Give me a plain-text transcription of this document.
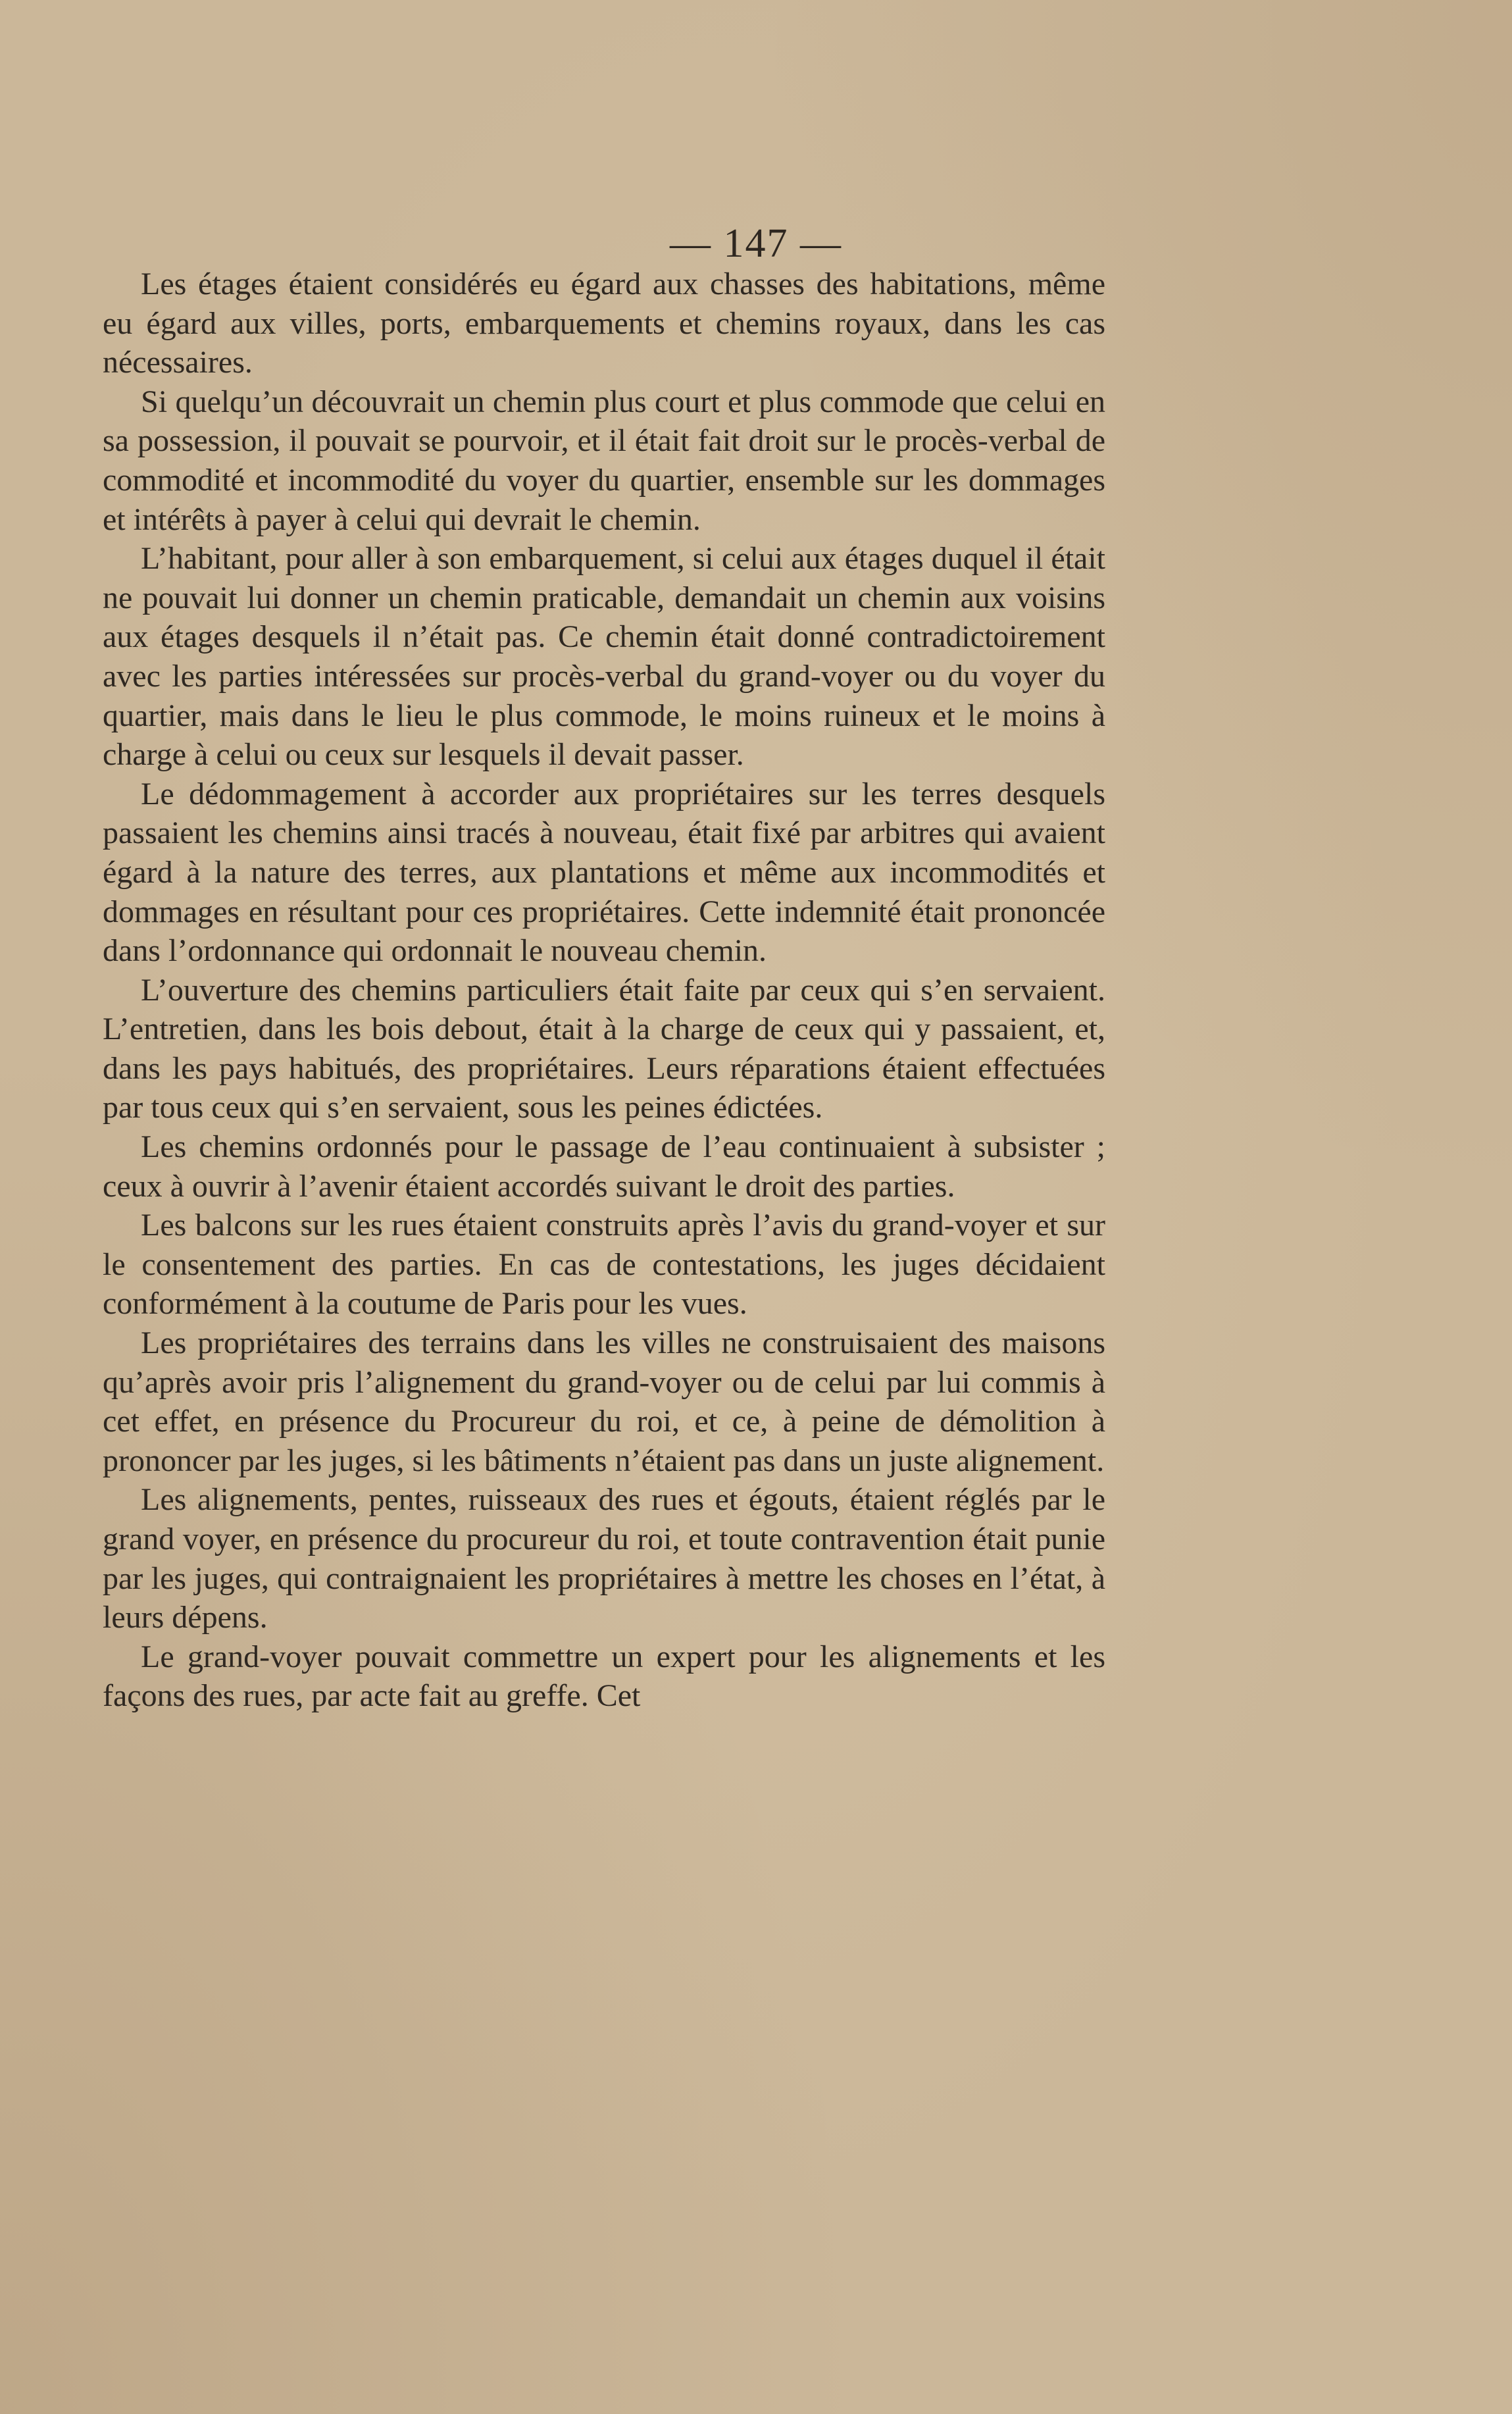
— 147 —

Les étages étaient considérés eu égard aux chasses des habitations, même eu égard aux villes, ports, embarquements et chemins royaux, dans les cas nécessaires.

Si quelqu’un découvrait un chemin plus court et plus commode que celui en sa possession, il pouvait se pourvoir, et il était fait droit sur le procès-verbal de commodité et incommodité du voyer du quartier, ensemble sur les dommages et intérêts à payer à celui qui devrait le chemin.

L’habitant, pour aller à son embarquement, si celui aux étages duquel il était ne pouvait lui donner un chemin praticable, demandait un chemin aux voisins aux étages desquels il n’était pas. Ce chemin était donné contradictoirement avec les parties intéressées sur procès-verbal du grand-voyer ou du voyer du quartier, mais dans le lieu le plus commode, le moins ruineux et le moins à charge à celui ou ceux sur lesquels il devait passer.

Le dédommagement à accorder aux propriétaires sur les terres desquels passaient les chemins ainsi tracés à nouveau, était fixé par arbitres qui avaient égard à la nature des terres, aux plantations et même aux incommodités et dommages en résultant pour ces propriétaires. Cette indemnité était prononcée dans l’ordonnance qui ordonnait le nouveau chemin.

L’ouverture des chemins particuliers était faite par ceux qui s’en servaient. L’entretien, dans les bois debout, était à la charge de ceux qui y passaient, et, dans les pays habitués, des propriétaires. Leurs réparations étaient effectuées par tous ceux qui s’en servaient, sous les peines édictées.

Les chemins ordonnés pour le passage de l’eau continuaient à subsister ; ceux à ouvrir à l’avenir étaient accordés suivant le droit des parties.

Les balcons sur les rues étaient construits après l’avis du grand-voyer et sur le consentement des parties. En cas de contestations, les juges décidaient conformément à la coutume de Paris pour les vues.

Les propriétaires des terrains dans les villes ne construisaient des maisons qu’après avoir pris l’alignement du grand-voyer ou de celui par lui commis à cet effet, en présence du Procureur du roi, et ce, à peine de démolition à prononcer par les juges, si les bâtiments n’étaient pas dans un juste alignement.

Les alignements, pentes, ruisseaux des rues et égouts, étaient réglés par le grand voyer, en présence du procureur du roi, et toute contravention était punie par les juges, qui contraignaient les propriétaires à mettre les choses en l’état, à leurs dépens.

Le grand-voyer pouvait commettre un expert pour les alignements et les façons des rues, par acte fait au greffe. Cet
